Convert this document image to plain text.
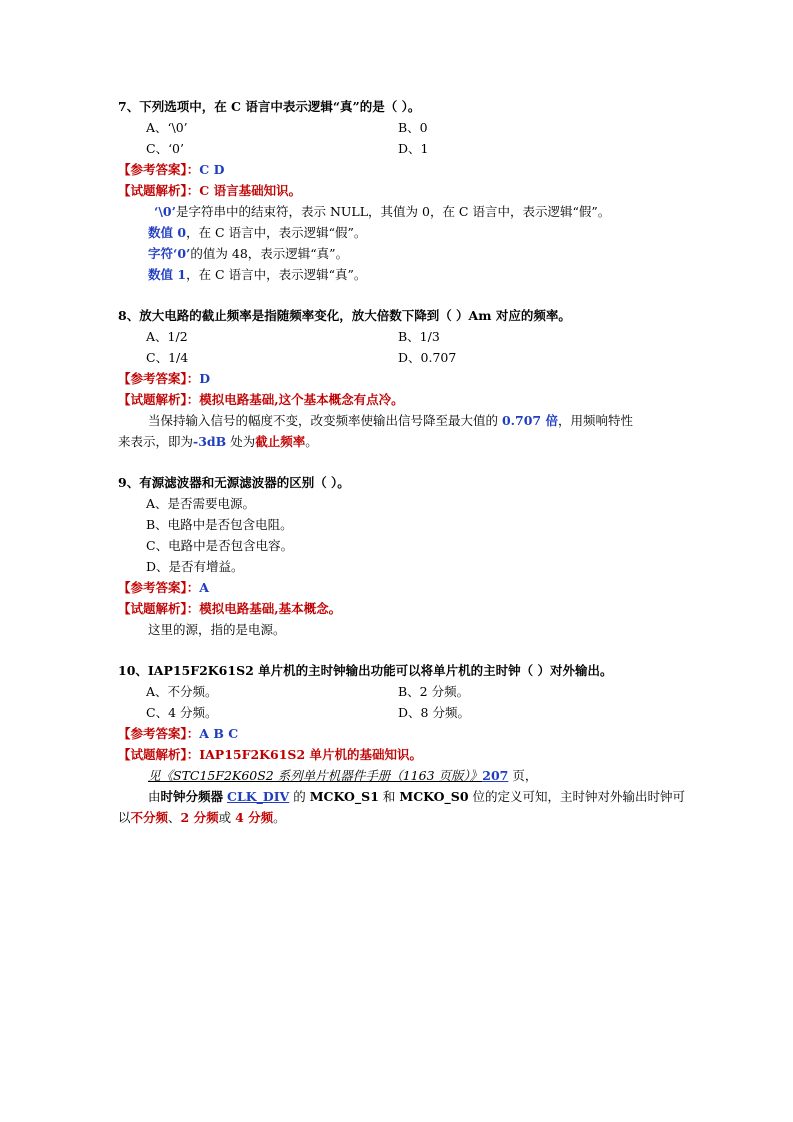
7、下列选项中，在 C 语言中表示逻辑“真”的是（ ）。
A、‘\0’	B、0
C、‘0’	D、1
【参考答案】：C D
【试题解析】：C 语言基础知识。
‘\0’是字符串中的结束符，表示 NULL，其值为 0，在 C 语言中，表示逻辑“假”。
数值 0，在 C 语言中，表示逻辑“假”。
字符‘0’的值为 48，表示逻辑“真”。
数值 1，在 C 语言中，表示逻辑“真”。
8、放大电路的截止频率是指随频率变化，放大倍数下降到（ ）Am 对应的频率。
A、1/2	B、1/3
C、1/4	D、0.707
【参考答案】：D
【试题解析】：模拟电路基础,这个基本概念有点冷。
当保持输入信号的幅度不变，改变频率使输出信号降至最大值的 0.707 倍，用频响特性
来表示，即为-3dB 处为截止频率。
9、有源滤波器和无源滤波器的区别（ ）。
A、是否需要电源。
B、电路中是否包含电阻。
C、电路中是否包含电容。
D、是否有增益。
【参考答案】：A
【试题解析】：模拟电路基础,基本概念。
这里的源，指的是电源。
10、IAP15F2K61S2 单片机的主时钟输出功能可以将单片机的主时钟（ ）对外输出。
A、不分频。	B、2 分频。
C、4 分频。	D、8 分频。
【参考答案】：A B C
【试题解析】：IAP15F2K61S2 单片机的基础知识。
见《STC15F2K60S2 系列单片机器件手册（1163 页版）》207 页，
由时钟分频器 CLK_DIV 的 MCKO_S1 和 MCKO_S0 位的定义可知，主时钟对外输出时钟可
以不分频、2 分频或 4 分频。
